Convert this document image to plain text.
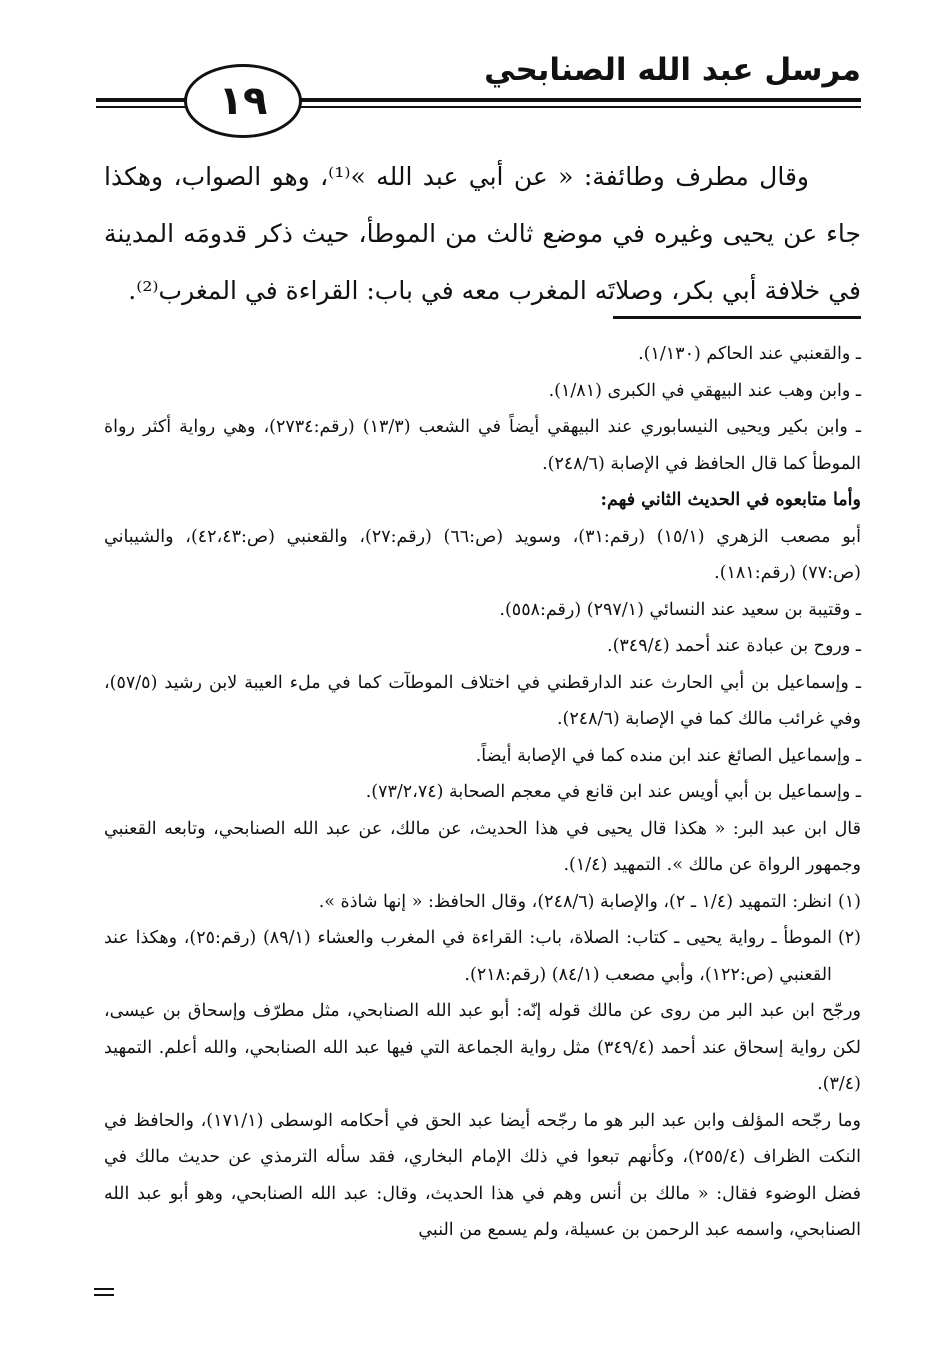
مرسل عبد الله الصنابحي
١٩

وقال مطرف وطائفة: « عن أبي عبد الله »⁽¹⁾، وهو الصواب، وهكذا جاء عن يحيى وغيره في موضع ثالث من الموطأ، حيث ذكر قدومَه المدينة في خلافة أبي بكر، وصلاتَه المغرب معه في باب: القراءة في المغرب⁽²⁾.

ـ والقعنبي عند الحاكم (١/١٣٠).

ـ وابن وهب عند البيهقي في الكبرى (١/٨١).

ـ وابن بكير ويحيى النيسابوري عند البيهقي أيضاً في الشعب (١٣/٣) (رقم:٢٧٣٤)، وهي رواية أكثر رواة الموطأ كما قال الحافظ في الإصابة (٢٤٨/٦).

وأما متابعوه في الحديث الثاني فهم:

أبو مصعب الزهري (١٥/١) (رقم:٣١)، وسويد (ص:٦٦) (رقم:٢٧)، والقعنبي (ص:٤٢،٤٣)، والشيباني (ص:٧٧) (رقم:١٨١).

ـ وقتيبة بن سعيد عند النسائي (٢٩٧/١) (رقم:٥٥٨).

ـ وروح بن عبادة عند أحمد (٣٤٩/٤).

ـ وإسماعيل بن أبي الحارث عند الدارقطني في اختلاف الموطآت كما في ملء العيبة لابن رشيد (٥٧/٥)، وفي غرائب مالك كما في الإصابة (٢٤٨/٦).

ـ وإسماعيل الصائغ عند ابن منده كما في الإصابة أيضاً.

ـ وإسماعيل بن أبي أويس عند ابن قانع في معجم الصحابة (٧٣/٢،٧٤).

قال ابن عبد البر: « هكذا قال يحيى في هذا الحديث، عن مالك، عن عبد الله الصنابحي، وتابعه القعنبي وجمهور الرواة عن مالك ». التمهيد (١/٤).

(١)
انظر: التمهيد (١/٤ ـ ٢)، والإصابة (٢٤٨/٦)، وقال الحافظ: « إنها شاذة ».
(٢)
الموطأ ـ رواية يحيى ـ كتاب: الصلاة، باب: القراءة في المغرب والعشاء (٨٩/١) (رقم:٢٥)، وهكذا عند القعنبي (ص:١٢٢)، وأبي مصعب (٨٤/١) (رقم:٢١٨).

ورجّح ابن عبد البر من روى عن مالك قوله إنّه: أبو عبد الله الصنابحي، مثل مطرّف وإسحاق بن عيسى، لكن رواية إسحاق عند أحمد (٣٤٩/٤) مثل رواية الجماعة التي فيها عبد الله الصنابحي، والله أعلم. التمهيد (٣/٤).

وما رجّحه المؤلف وابن عبد البر هو ما رجّحه أيضا عبد الحق في أحكامه الوسطى (١٧١/١)، والحافظ في النكت الظراف (٢٥٥/٤)، وكأنهم تبعوا في ذلك الإمام البخاري، فقد سأله الترمذي عن حديث مالك في فضل الوضوء فقال: « مالك بن أنس وهم في هذا الحديث، وقال: عبد الله الصنابحي، وهو أبو عبد الله الصنابحي، واسمه عبد الرحمن بن عسيلة، ولم يسمع من النبي
